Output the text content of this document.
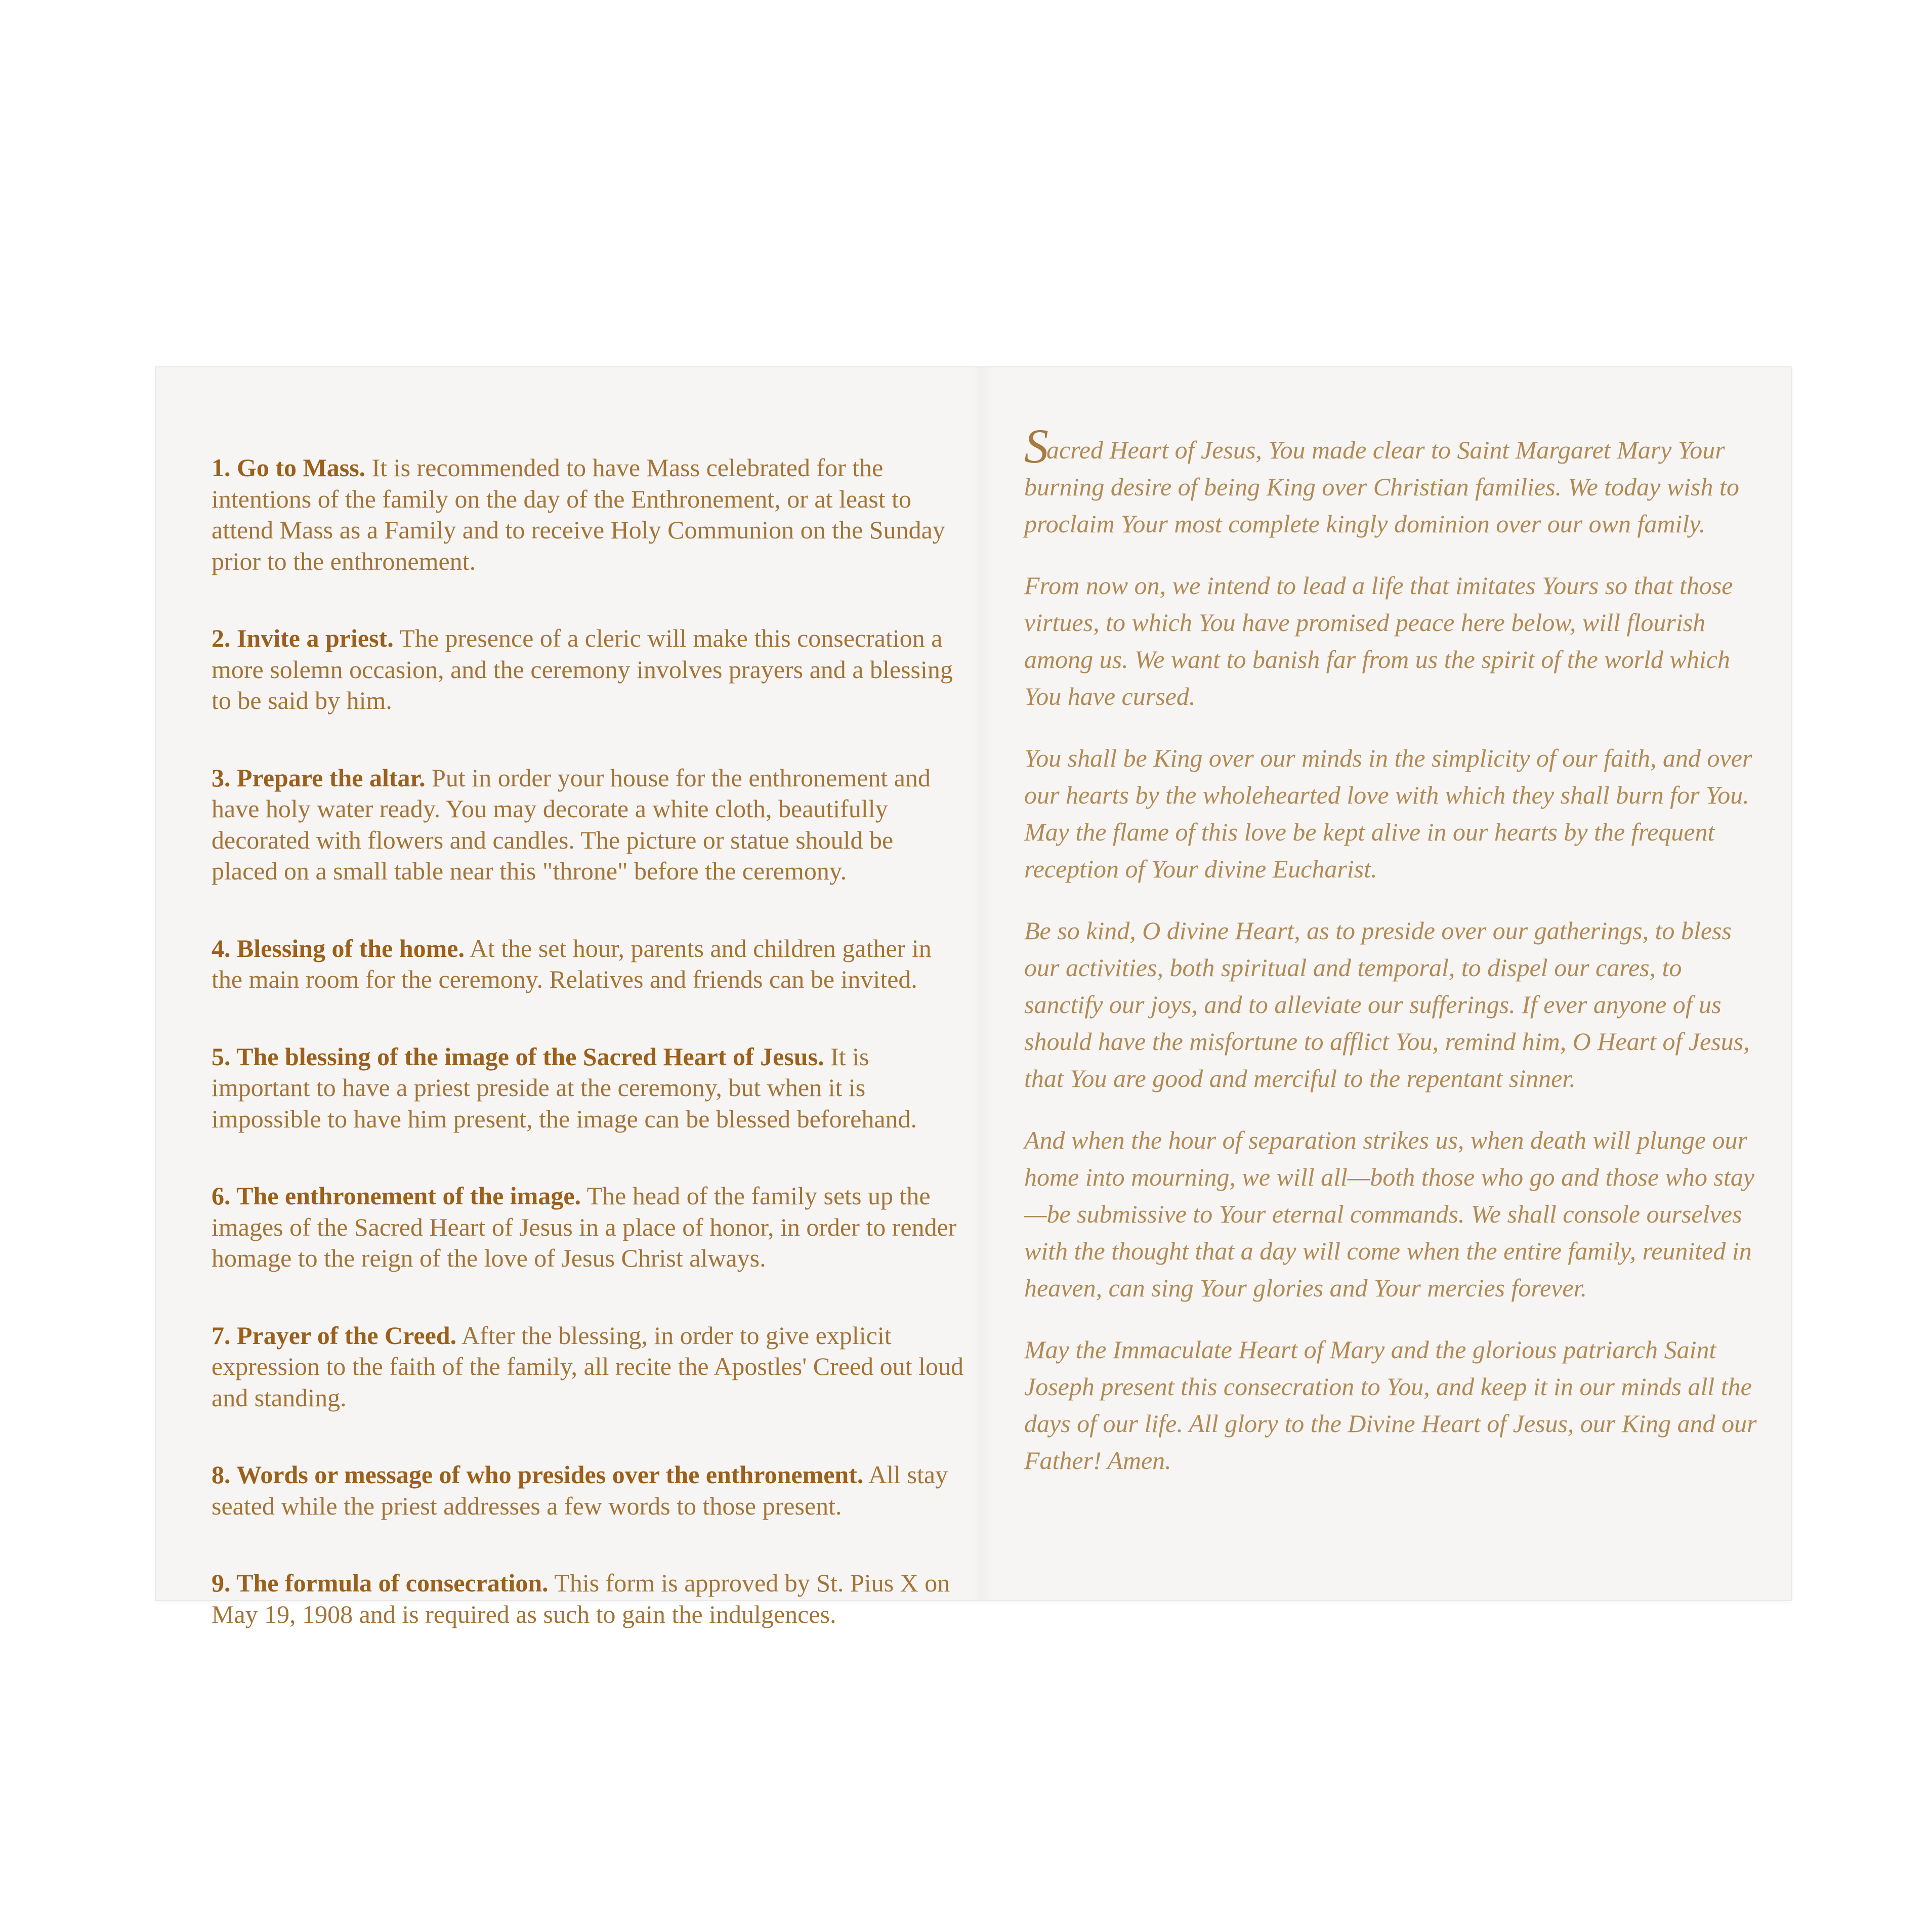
1. Go to Mass. It is recommended to have Mass celebrated for the intentions of the family on the day of the Enthronement, or at least to attend Mass as a Family and to receive Holy Communion on the Sunday prior to the enthronement.

2. Invite a priest. The presence of a cleric will make this consecration a more solemn occasion, and the ceremony involves prayers and a blessing to be said by him.

3. Prepare the altar. Put in order your house for the enthronement and have holy water ready. You may decorate a white cloth, beautifully decorated with flowers and candles. The picture or statue should be placed on a small table near this "throne" before the ceremony.

4. Blessing of the home. At the set hour, parents and children gather in the main room for the ceremony. Relatives and friends can be invited.

5. The blessing of the image of the Sacred Heart of Jesus. It is important to have a priest preside at the ceremony, but when it is impossible to have him present, the image can be blessed beforehand.

6. The enthronement of the image. The head of the family sets up the images of the Sacred Heart of Jesus in a place of honor, in order to render homage to the reign of the love of Jesus Christ always.

7. Prayer of the Creed. After the blessing, in order to give explicit expression to the faith of the family, all recite the Apostles' Creed out loud and standing.

8. Words or message of who presides over the enthronement. All stay seated while the priest addresses a few words to those present.

9. The formula of consecration. This form is approved by St. Pius X on May 19, 1908 and is required as such to gain the indulgences.

Sacred Heart of Jesus, You made clear to Saint Margaret Mary Your burning desire of being King over Christian families. We today wish to proclaim Your most complete kingly dominion over our own family.

From now on, we intend to lead a life that imitates Yours so that those virtues, to which You have promised peace here below, will flourish among us. We want to banish far from us the spirit of the world which You have cursed.

You shall be King over our minds in the simplicity of our faith, and over our hearts by the wholehearted love with which they shall burn for You. May the flame of this love be kept alive in our hearts by the frequent reception of Your divine Eucharist.

Be so kind, O divine Heart, as to preside over our gatherings, to bless our activities, both spiritual and temporal, to dispel our cares, to sanctify our joys, and to alleviate our sufferings. If ever anyone of us should have the misfortune to afflict You, remind him, O Heart of Jesus, that You are good and merciful to the repentant sinner.

And when the hour of separation strikes us, when death will plunge our home into mourning, we will all—both those who go and those who stay—be submissive to Your eternal commands. We shall console ourselves with the thought that a day will come when the entire family, reunited in heaven, can sing Your glories and Your mercies forever.

May the Immaculate Heart of Mary and the glorious patriarch Saint Joseph present this consecration to You, and keep it in our minds all the days of our life. All glory to the Divine Heart of Jesus, our King and our Father! Amen.
